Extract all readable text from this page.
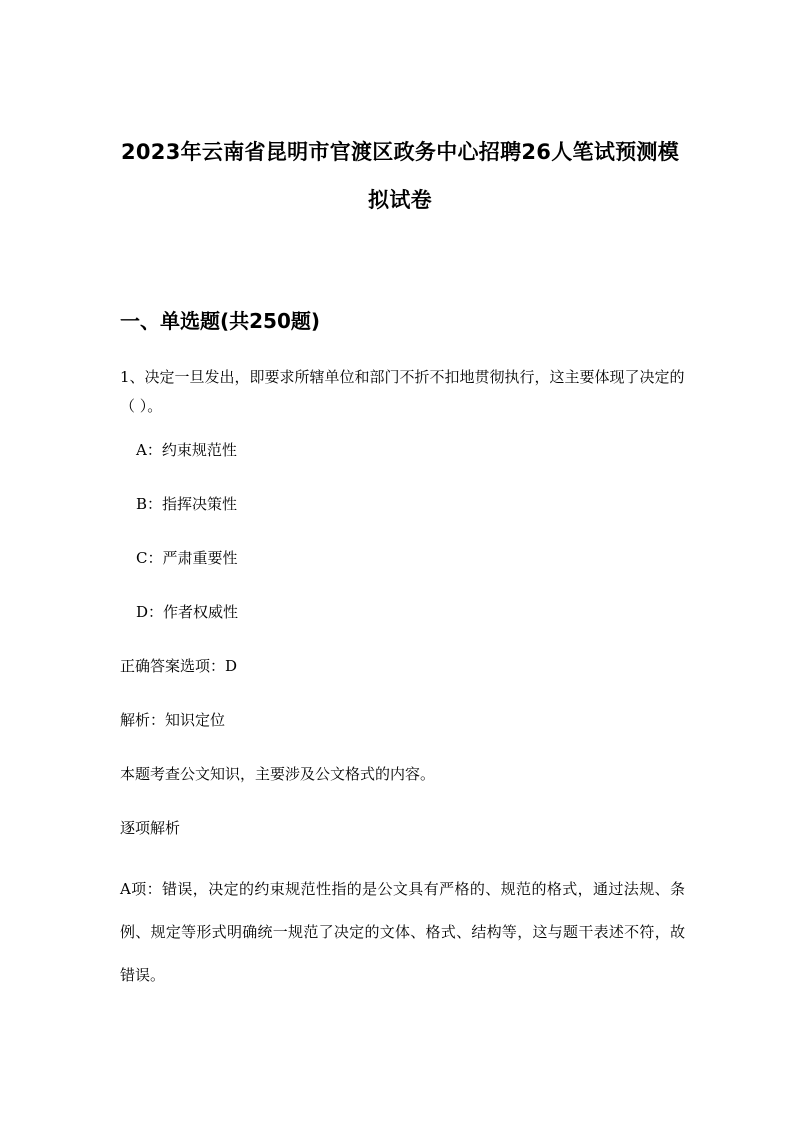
2023年云南省昆明市官渡区政务中心招聘26人笔试预测模
拟试卷
一、单选题(共250题)
1、决定一旦发出，即要求所辖单位和部门不折不扣地贯彻执行，这主要体现了决定的（ ）。
A：约束规范性
B：指挥决策性
C：严肃重要性
D：作者权威性
正确答案选项：D
解析：知识定位
本题考查公文知识，主要涉及公文格式的内容。
逐项解析
A项：错误，决定的约束规范性指的是公文具有严格的、规范的格式，通过法规、条例、规定等形式明确统一规范了决定的文体、格式、结构等，这与题干表述不符，故错误。
